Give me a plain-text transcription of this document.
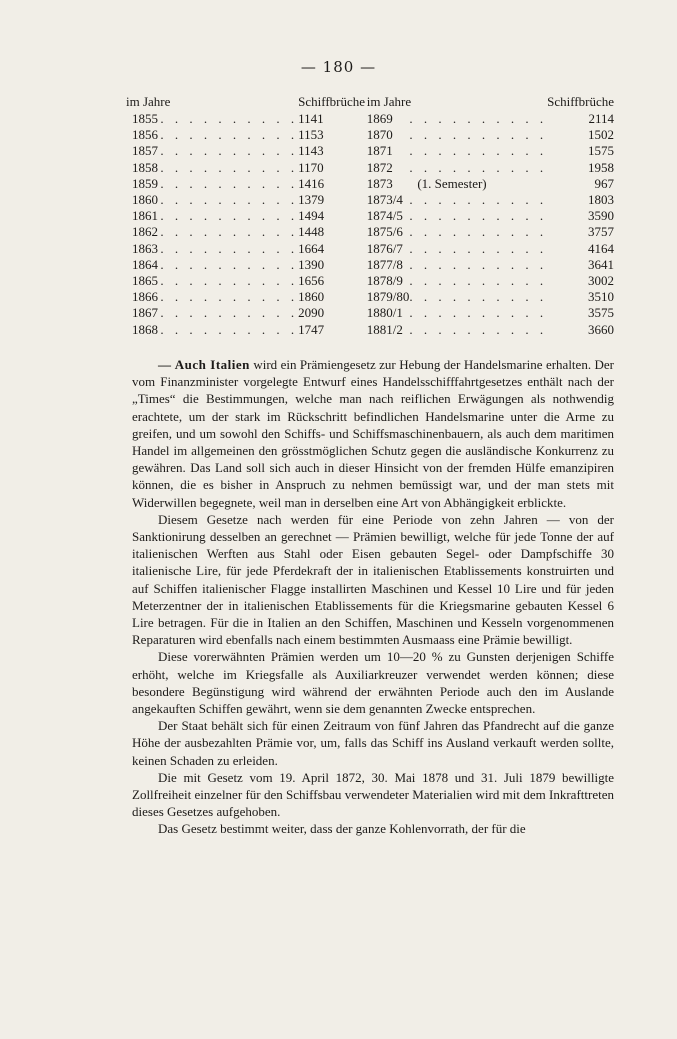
— 180 —
im Jahre		Schiffbrüche		im Jahre		Schiffbrüche
1855	. . . . . . . . . .	1141		1869	. . . . . . . . . .	2114
1856	. . . . . . . . . .	1153		1870	. . . . . . . . . .	1502
1857	. . . . . . . . . .	1143		1871	. . . . . . . . . .	1575
1858	. . . . . . . . . .	1170		1872	. . . . . . . . . .	1958
1859	. . . . . . . . . .	1416		1873	(1. Semester)	967
1860	. . . . . . . . . .	1379		1873/4	. . . . . . . . . .	1803
1861	. . . . . . . . . .	1494		1874/5	. . . . . . . . . .	3590
1862	. . . . . . . . . .	1448		1875/6	. . . . . . . . . .	3757
1863	. . . . . . . . . .	1664		1876/7	. . . . . . . . . .	4164
1864	. . . . . . . . . .	1390		1877/8	. . . . . . . . . .	3641
1865	. . . . . . . . . .	1656		1878/9	. . . . . . . . . .	3002
1866	. . . . . . . . . .	1860		1879/80	. . . . . . . . . .	3510
1867	. . . . . . . . . .	2090		1880/1	. . . . . . . . . .	3575
1868	. . . . . . . . . .	1747		1881/2	. . . . . . . . . .	3660

— Auch Italien wird ein Prämiengesetz zur Hebung der Handelsmarine erhalten. Der vom Finanzminister vorgelegte Entwurf eines Handelsschifffahrtgesetzes enthält nach der „Times“ die Bestimmungen, welche man nach reiflichen Erwägungen als nothwendig erachtete, um der stark im Rückschritt befindlichen Handelsmarine unter die Arme zu greifen, und um sowohl den Schiffs- und Schiffsmaschinenbauern, als auch dem maritimen Handel im allgemeinen den grösstmöglichen Schutz gegen die ausländische Konkurrenz zu gewähren. Das Land soll sich auch in dieser Hinsicht von der fremden Hülfe emanzipiren können, die es bisher in Anspruch zu nehmen bemüssigt war, und der man stets mit Widerwillen begegnete, weil man in derselben eine Art von Abhängigkeit erblickte.

Diesem Gesetze nach werden für eine Periode von zehn Jahren — von der Sanktionirung desselben an gerechnet — Prämien bewilligt, welche für jede Tonne der auf italienischen Werften aus Stahl oder Eisen gebauten Segel- oder Dampfschiffe 30 italienische Lire, für jede Pferdekraft der in italienischen Etablissements konstruirten und auf Schiffen italienischer Flagge installirten Maschinen und Kessel 10 Lire und für jeden Meterzentner der in italienischen Etablissements für die Kriegsmarine gebauten Kessel 6 Lire betragen. Für die in Italien an den Schiffen, Maschinen und Kesseln vorgenommenen Reparaturen wird ebenfalls nach einem bestimmten Ausmaass eine Prämie bewilligt.

Diese vorerwähnten Prämien werden um 10—20 % zu Gunsten derjenigen Schiffe erhöht, welche im Kriegsfalle als Auxiliarkreuzer verwendet werden können; diese besondere Begünstigung wird während der erwähnten Periode auch den im Auslande angekauften Schiffen gewährt, wenn sie dem genannten Zwecke entsprechen.

Der Staat behält sich für einen Zeitraum von fünf Jahren das Pfandrecht auf die ganze Höhe der ausbezahlten Prämie vor, um, falls das Schiff ins Ausland verkauft werden sollte, keinen Schaden zu erleiden.

Die mit Gesetz vom 19. April 1872, 30. Mai 1878 und 31. Juli 1879 bewilligte Zollfreiheit einzelner für den Schiffsbau verwendeter Materialien wird mit dem Inkrafttreten dieses Gesetzes aufgehoben.

Das Gesetz bestimmt weiter, dass der ganze Kohlenvorrath, der für die
